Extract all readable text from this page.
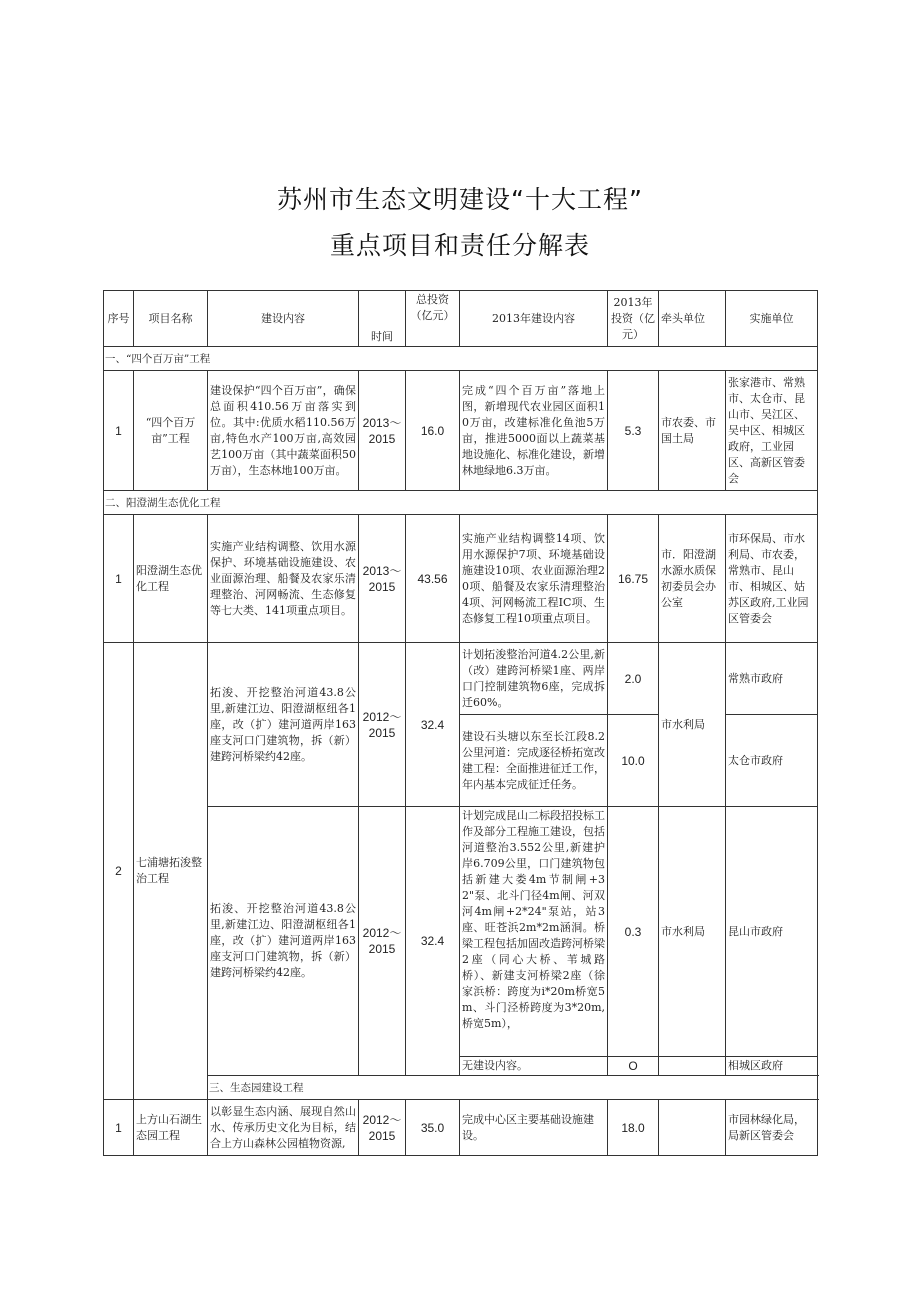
苏州市生态文明建设“十大工程”
重点项目和责任分解表
序号	项目名称	建设内容	时间	总投资（亿元）	2013年建设内容	2013年投资（亿元）	牵头单位	实施单位
一、“四个百万亩”工程								
1	“四个百万亩”工程	建设保护“四个百万亩”，确保总面积410.56万亩落实到位。其中:优质水稻110.56万亩,特色水产100万亩,高效园艺100万亩（其中蔬菜面积50万亩），生态林地100万亩。	2013～2015	16.0	完成“四个百万亩”落地上图，新增现代农业园区面积10万亩，改建标准化鱼池5万亩，推进5000面以上蔬菜基地设施化、标准化建设，新增林地绿地6.3万亩。	5.3	市农委、市国土局	张家港市、常熟市、太仓市、昆山市、吴江区、吴中区、相城区政府，工业园区、高新区管委会
二、阳澄湖生态优化工程								
1	阳澄湖生态优化工程	实施产业结构调整、饮用水源保护、环境基础设施建设、农业面源治理、船餐及农家乐清理整治、河网畅流、生态修复等七大类、141项重点项目。	2013～2015	43.56	实施产业结构调整14项、饮用水源保护7项、环境基础设施建设10项、农业面源治理20项、船餐及农家乐清理整治4项、河网畅流工程IC项、生态修复工程10项重点项目。	16.75	市．阳澄湖水源水质保初委员会办公室	市环保局、市水利局、市农委，常熟市、昆山市、相城区、姑苏区政府,工业园区管委会
2	七浦塘拓浚整治工程	拓浚、开挖整治河道43.8公里,新建江边、阳澄湖枢纽各1座，改（扩）建河道两岸163座支河口门建筑物，拆（新）建跨河桥梁约42座。	2012～2015	32.4	计划拓浚整治河道4.2公里,新（改）建跨河桥梁1座、两岸口门控制建筑物6座，完成拆迁60%。	2.0	市水利局	常熟市政府
					建设石头塘以东至长江段8.2公里河道：完成逐径桥拓宽改建工程：全面推进征迁工作，年内基本完成征迁任务。	10.0		太仓市政府
		拓浚、开挖整治河道43.8公里,新建江边、阳澄湖枢纽各1座，改（扩）建河道两岸163座支河口门建筑物，拆（新）建跨河桥梁约42座。	2012～2015	32.4	计划完成昆山二标段招投标工作及部分工程施工建设，包括河道整治3.552公里,新建护岸6.709公里，口门建筑物包括新建大娄4m节制闸+32"泵、北斗门径4m闸、河双河4m闸+2*24"泵站，站3座、旺苍浜2m*2m涵洞。桥梁工程包括加固改造跨河桥梁2座（同心大桥、苇城路桥）、新建支河桥梁2座（徐家浜桥：跨度为i*20m桥宽5m、斗门泾桥跨度为3*20m,桥宽5m），	0.3	市水利局	昆山市政府
					无建设内容。	O		相城区政府
		三、生态园建设工程						
1	上方山石湖生态园工程	以彰显生态内涵、展现自然山水、传承历史文化为目标，结合上方山森林公园植物资源,	2012～2015	35.0	完成中心区主要基础设施建设。	18.0		市园林绿化局，局新区管委会
